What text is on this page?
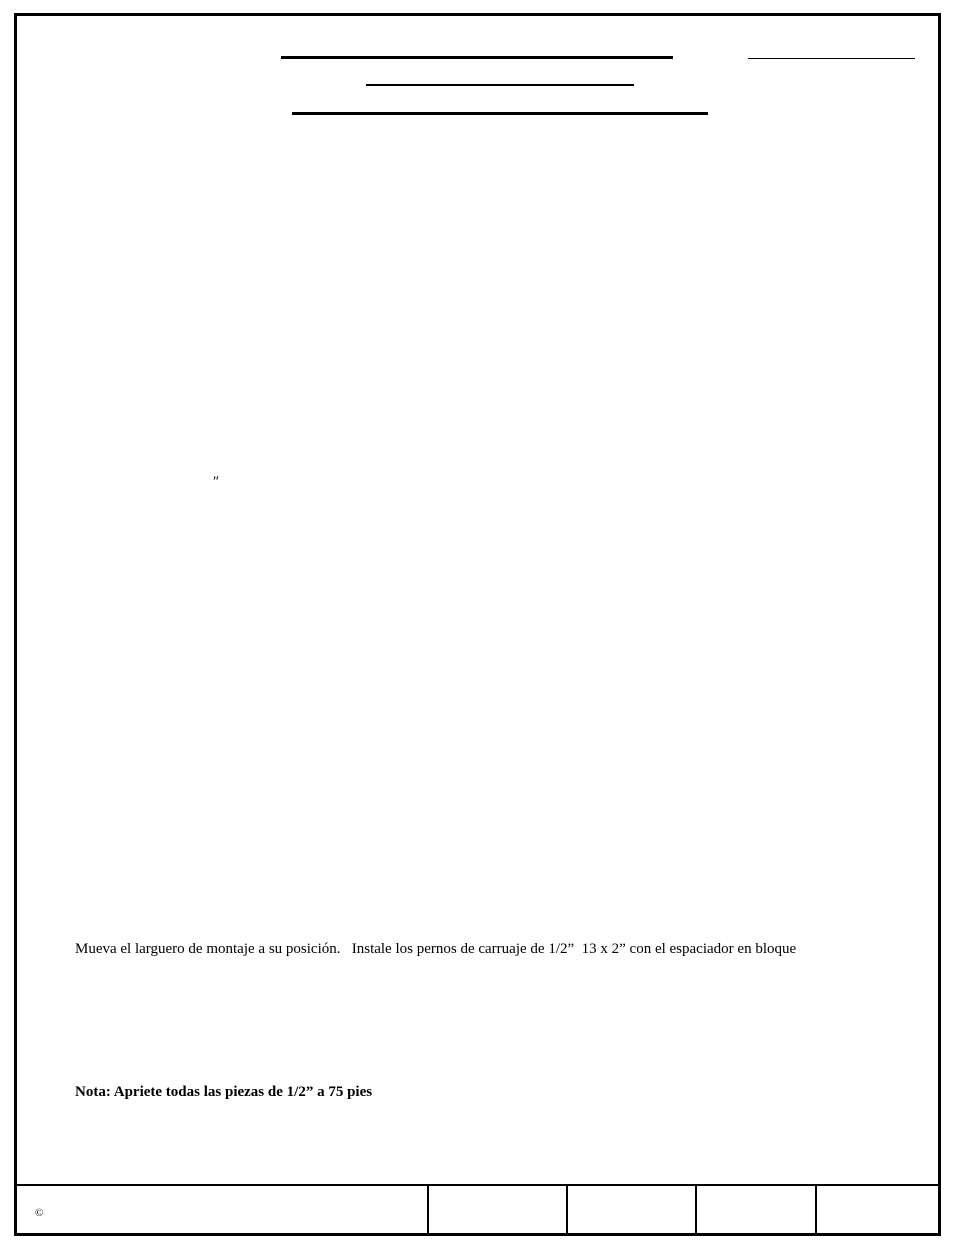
″
Mueva el larguero de montaje a su posición.   Instale los pernos de carruaje de 1/2”  13 x 2” con el espaciador en bloque
Nota: Apriete todas las piezas de 1/2” a 75 pies
©
